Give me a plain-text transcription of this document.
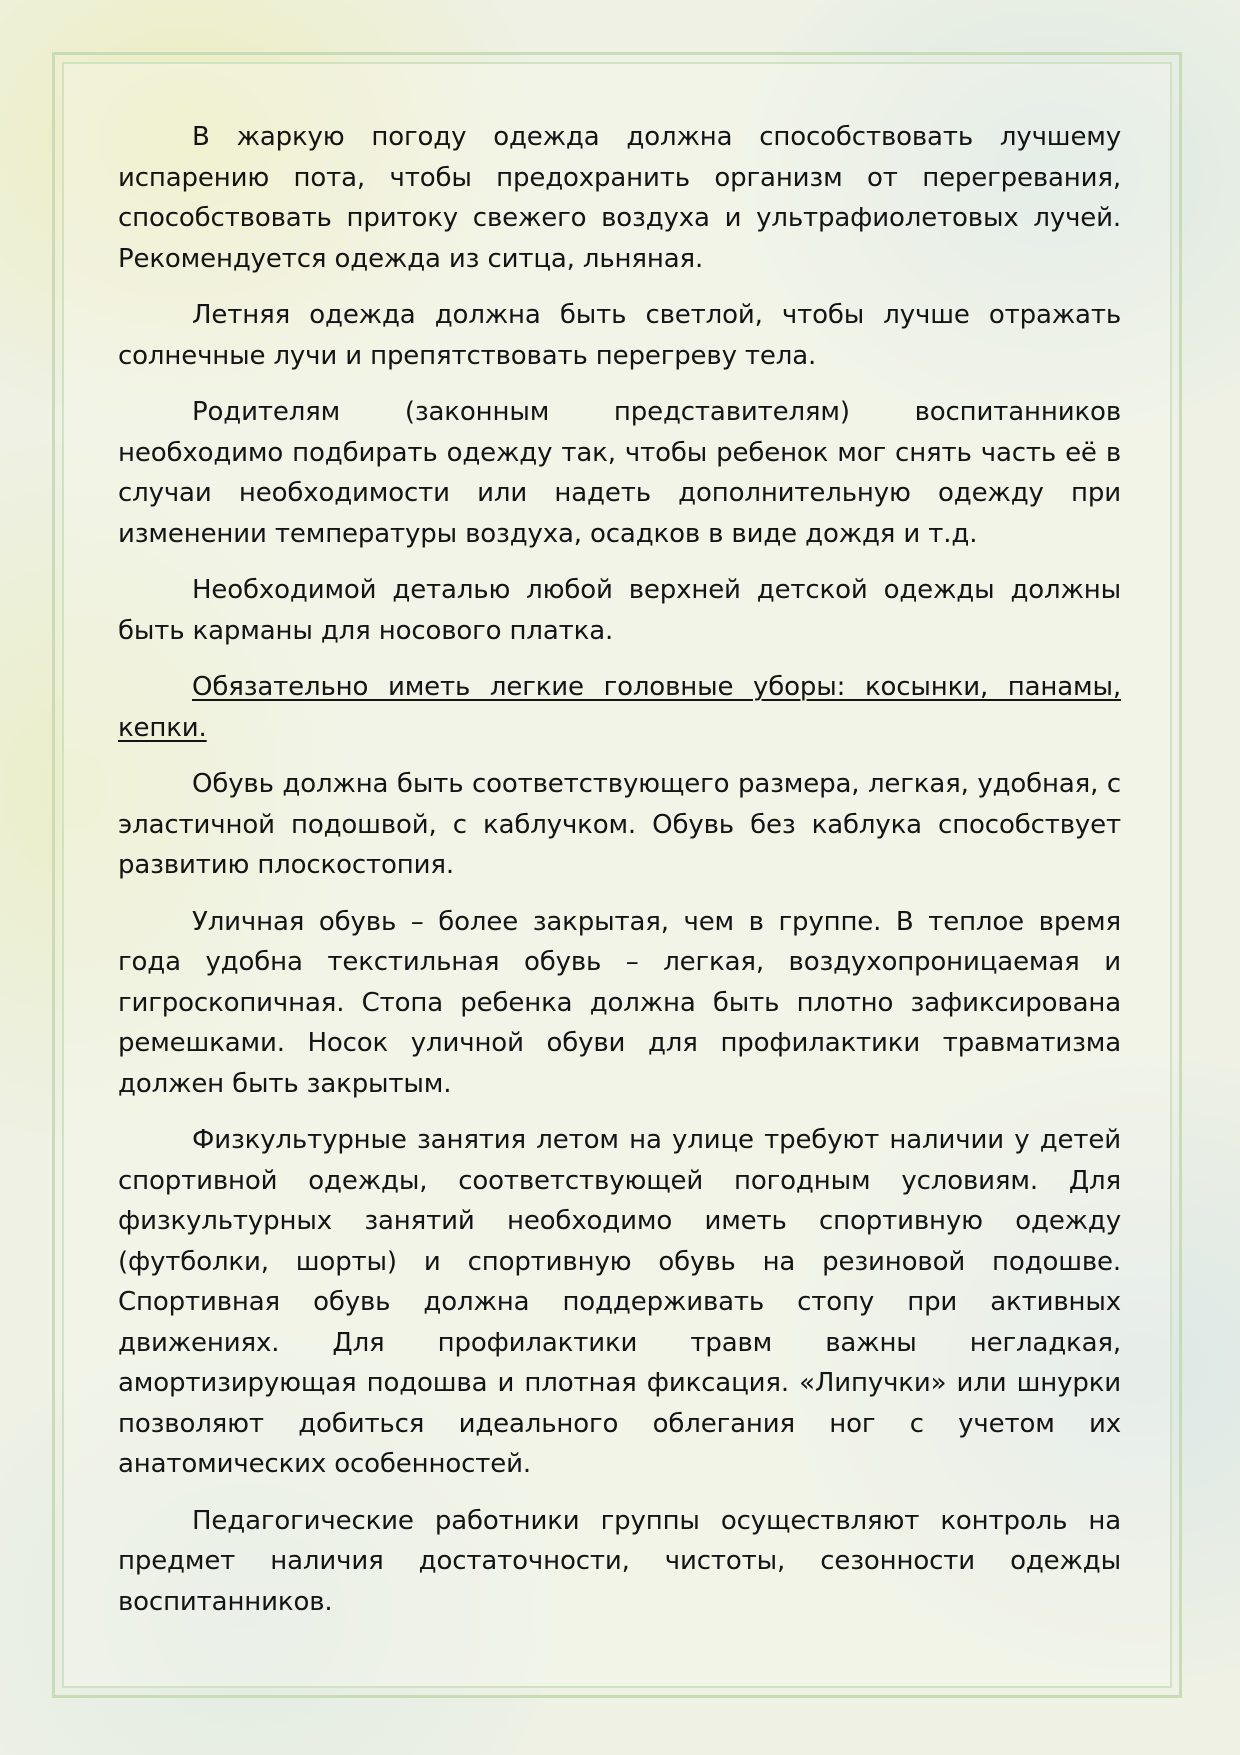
В жаркую погоду одежда должна способствовать лучшему испарению пота, чтобы предохранить организм от перегревания, способствовать притоку свежего воздуха и ультрафиолетовых лучей. Рекомендуется одежда из ситца, льняная.

Летняя одежда должна быть светлой, чтобы лучше отражать солнечные лучи и препятствовать перегреву тела.

Родителям (законным представителям) воспитанников необходимо подбирать одежду так, чтобы ребенок мог снять часть её в случаи необходимости или надеть дополнительную одежду при изменении температуры воздуха, осадков в виде дождя и т.д.

Необходимой деталью любой верхней детской одежды должны быть карманы для носового платка.

Обязательно иметь легкие головные уборы: косынки, панамы, кепки.

Обувь должна быть соответствующего размера, легкая, удобная, с эластичной подошвой, с каблучком. Обувь без каблука способствует развитию плоскостопия.

Уличная обувь – более закрытая, чем в группе. В теплое время года удобна текстильная обувь – легкая, воздухопроницаемая и гигроскопичная. Стопа ребенка должна быть плотно зафиксирована ремешками. Носок уличной обуви для профилактики травматизма должен быть закрытым.

Физкультурные занятия летом на улице требуют наличии у детей спортивной одежды, соответствующей погодным условиям. Для физкультурных занятий необходимо иметь спортивную одежду (футболки, шорты) и спортивную обувь на резиновой подошве. Спортивная обувь должна поддерживать стопу при активных движениях. Для профилактики травм важны негладкая, амортизирующая подошва и плотная фиксация. «Липучки» или шнурки позволяют добиться идеального облегания ног с учетом их анатомических особенностей.

Педагогические работники группы осуществляют контроль на предмет наличия достаточности, чистоты, сезонности одежды воспитанников.
